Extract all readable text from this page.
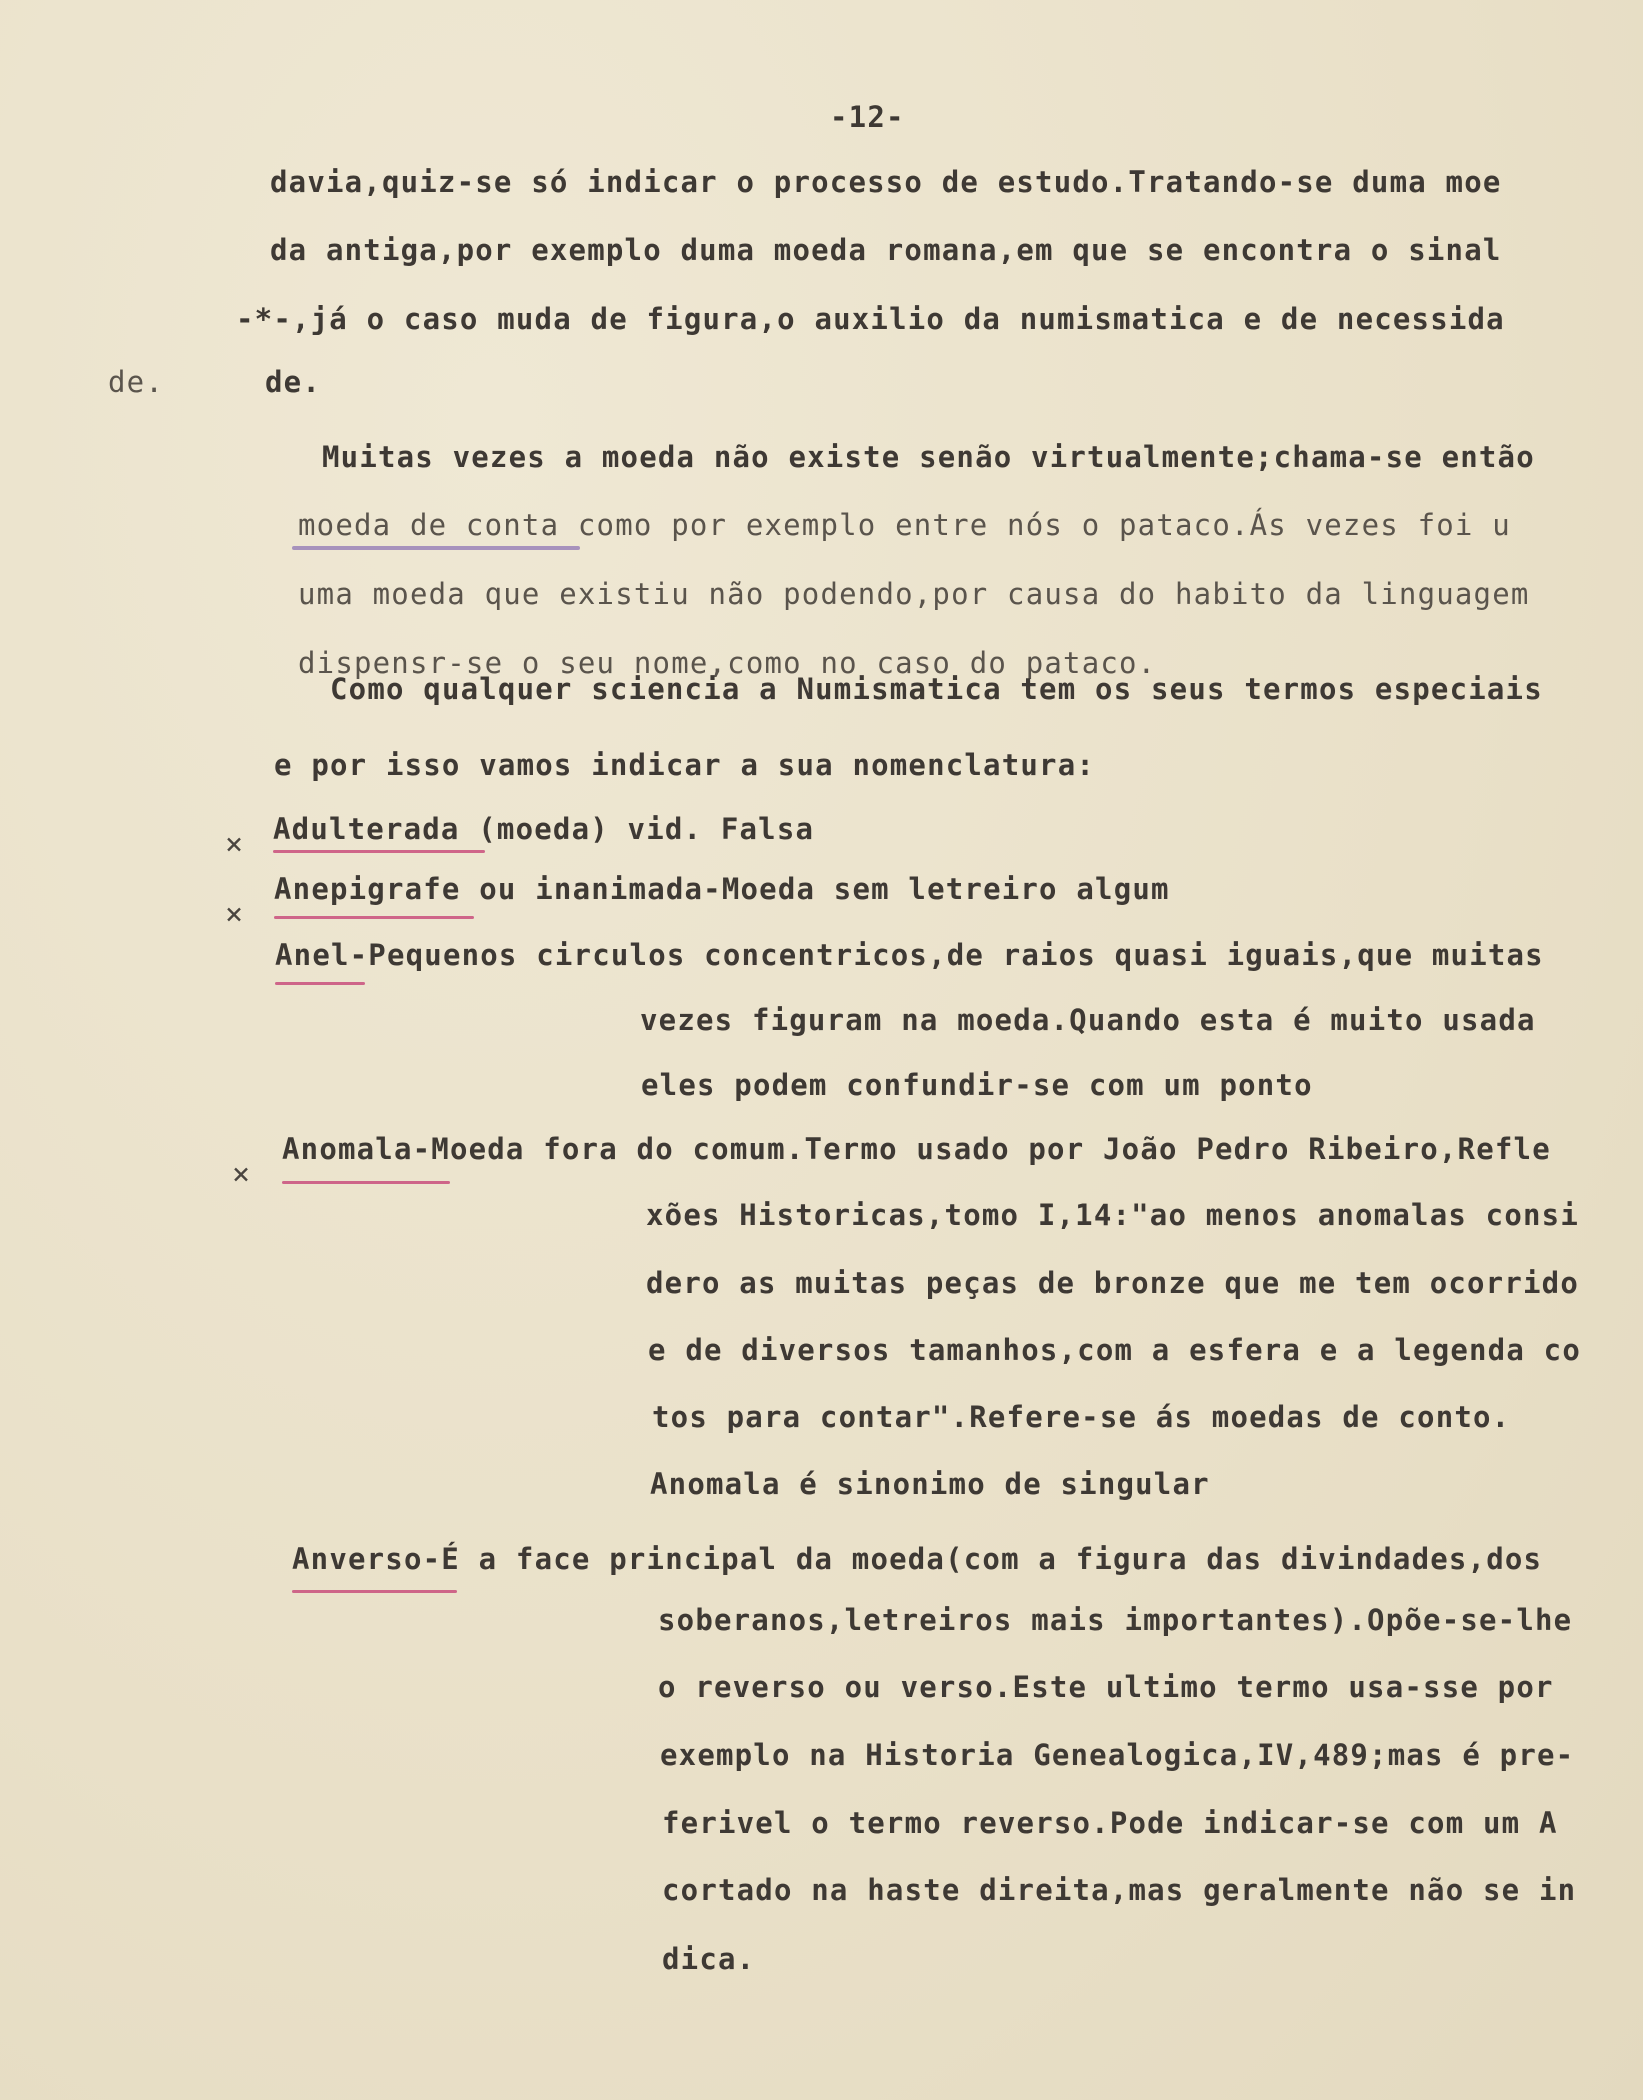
-12-
davia,quiz-se só indicar o processo de estudo.Tratando-se duma moe
da antiga,por exemplo duma moeda romana,em que se encontra o sinal
-*-,já o caso muda de figura,o auxilio da numismatica e de necessida
de.	de.
Muitas vezes a moeda não existe senão virtualmente;chama-se então
moeda de conta como por exemplo entre nós o pataco.Ás vezes foi u
uma moeda que existiu não podendo,por causa do habito da linguagem
dispensr-se o seu nome,como no caso do pataco.
Como qualquer sciencia a Numismatica tem os seus termos especiais
e por isso vamos indicar a sua nomenclatura:
× Adulterada (moeda) vid. Falsa
×
Anepigrafe ou inanimada-Moeda sem letreiro algum
Anel-Pequenos circulos concentricos,de raios quasi iguais,que muitas
vezes figuram na moeda.Quando esta é muito usada
eles podem confundir-se com um ponto
×
Anomala-Moeda fora do comum.Termo usado por João Pedro Ribeiro,Refle
xões Historicas,tomo I,14:"ao menos anomalas consi
dero as muitas peças de bronze que me tem ocorrido
e de diversos tamanhos,com a esfera e a legenda co
tos para contar".Refere-se ás moedas de conto.
Anomala é sinonimo de singular
Anverso-É a face principal da moeda(com a figura das divindades,dos
soberanos,letreiros mais importantes).Opõe-se-lhe
o reverso ou verso.Este ultimo termo usa-sse por
exemplo na Historia Genealogica,IV,489;mas é pre-
ferivel o termo reverso.Pode indicar-se com um A
cortado na haste direita,mas geralmente não se in
dica.
